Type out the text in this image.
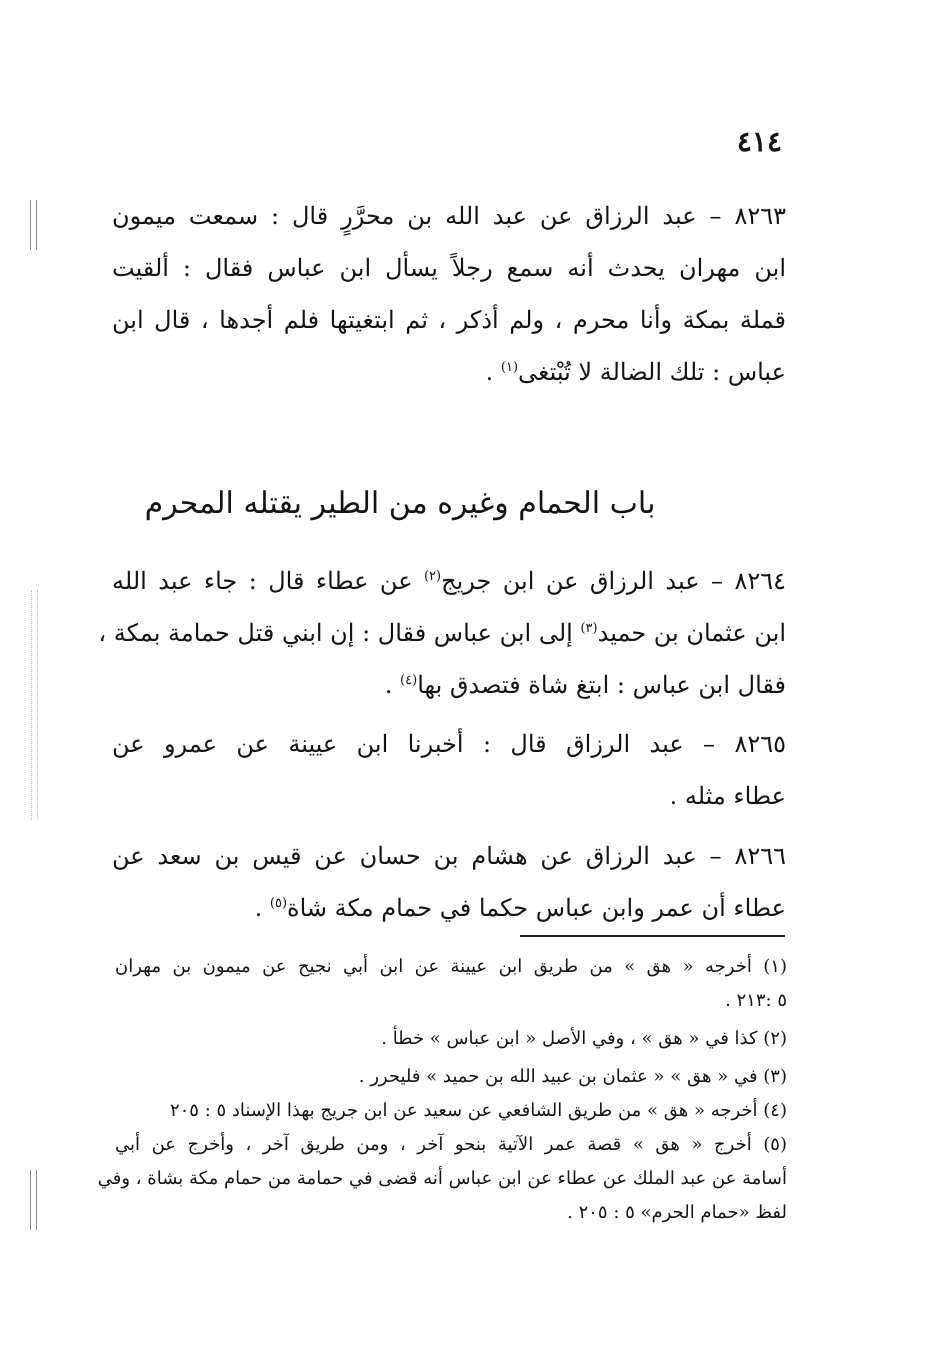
٤١٤
٨٢٦٣ – عبد الرزاق عن عبد الله بن محرَّرٍ قال : سمعت ميمون
ابن مهران يحدث أنه سمع رجلاً يسأل ابن عباس فقال : ألقيت
قملة بمكة وأنا محرم ، ولم أذكر ، ثم ابتغيتها فلم أجدها ، قال ابن
عباس : تلك الضالة لا تُبْتغى$^{(١)}$ .
باب الحمام وغيره من الطير يقتله المحرم
٨٢٦٤ – عبد الرزاق عن ابن جريج$^{(٢)}$ عن عطاء قال : جاء عبد الله
ابن عثمان بن حميد$^{(٣)}$ إلى ابن عباس فقال : إن ابني قتل حمامة بمكة ،
فقال ابن عباس : ابتغ شاة فتصدق بها$^{(٤)}$ .
٨٢٦٥ – عبد الرزاق قال : أخبرنا ابن عيينة عن عمرو عن
عطاء مثله .
٨٢٦٦ – عبد الرزاق عن هشام بن حسان عن قيس بن سعد عن
عطاء أن عمر وابن عباس حكما في حمام مكة شاة$^{(٥)}$ .
(١) أخرجه « هق » من طريق ابن عيينة عن ابن أبي نجيح عن ميمون بن مهران
٥ :٢١٣ .
(٢) كذا في « هق » ، وفي الأصل « ابن عباس » خطأ .
(٣) في « هق » « عثمان بن عبيد الله بن حميد » فليحرر .
(٤) أخرجه « هق » من طريق الشافعي عن سعيد عن ابن جريج بهذا الإسناد ٥ : ٢٠٥
(٥) أخرج « هق » قصة عمر الآتية بنحو آخر ، ومن طريق آخر ، وأخرج عن أبي
أسامة عن عبد الملك عن عطاء عن ابن عباس أنه قضى في حمامة من حمام مكة بشاة ، وفي
لفظ «حمام الحرم» ٥ : ٢٠٥ .
